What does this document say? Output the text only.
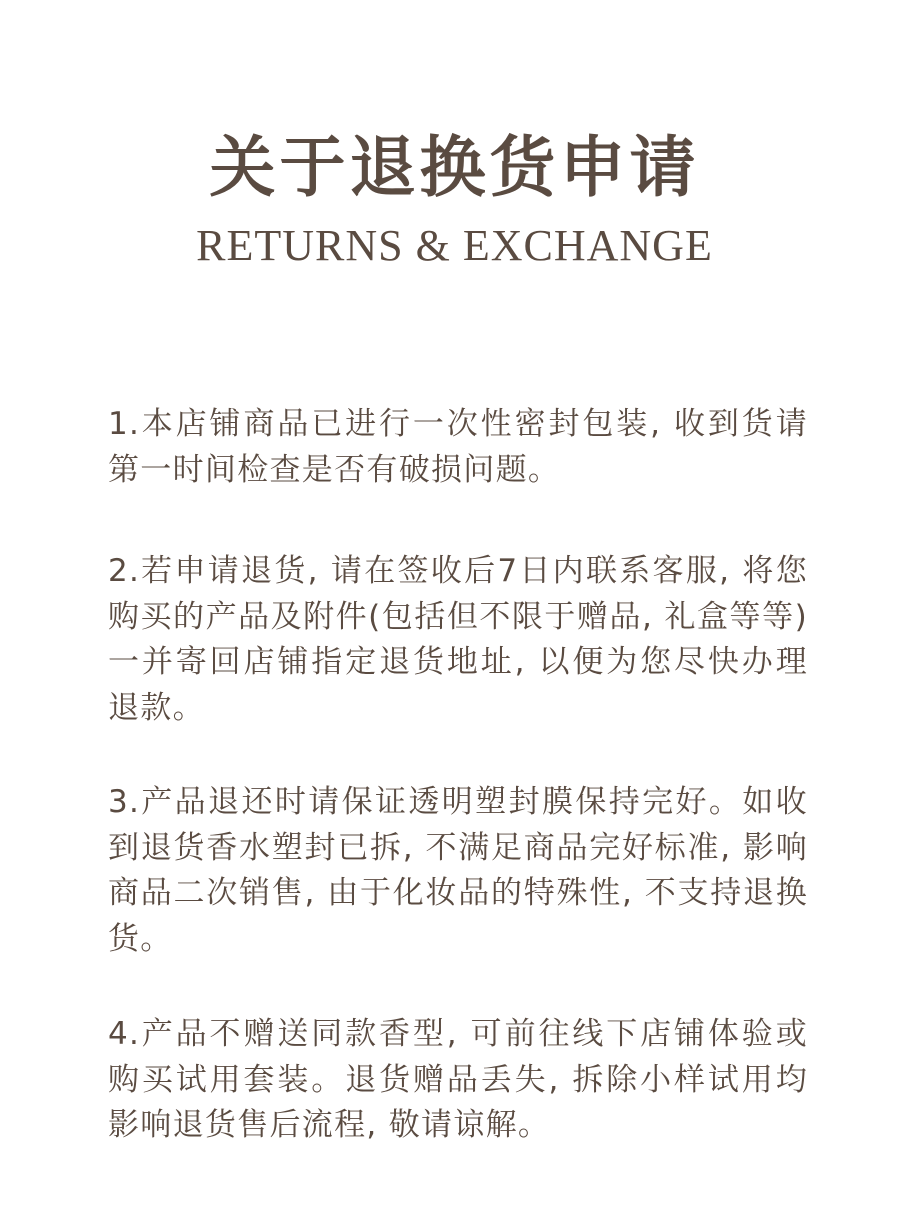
关于退换货申请
RETURNS & EXCHANGE
1.本店铺商品已进行一次性密封包装, 收到货请第一时间检查是否有破损问题。
2.若申请退货, 请在签收后7日内联系客服, 将您购买的产品及附件(包括但不限于赠品, 礼盒等等)一并寄回店铺指定退货地址, 以便为您尽快办理退款。
3.产品退还时请保证透明塑封膜保持完好。如收到退货香水塑封已拆, 不满足商品完好标准, 影响商品二次销售, 由于化妆品的特殊性, 不支持退换货。
4.产品不赠送同款香型, 可前往线下店铺体验或购买试用套装。退货赠品丢失, 拆除小样试用均影响退货售后流程, 敬请谅解。
